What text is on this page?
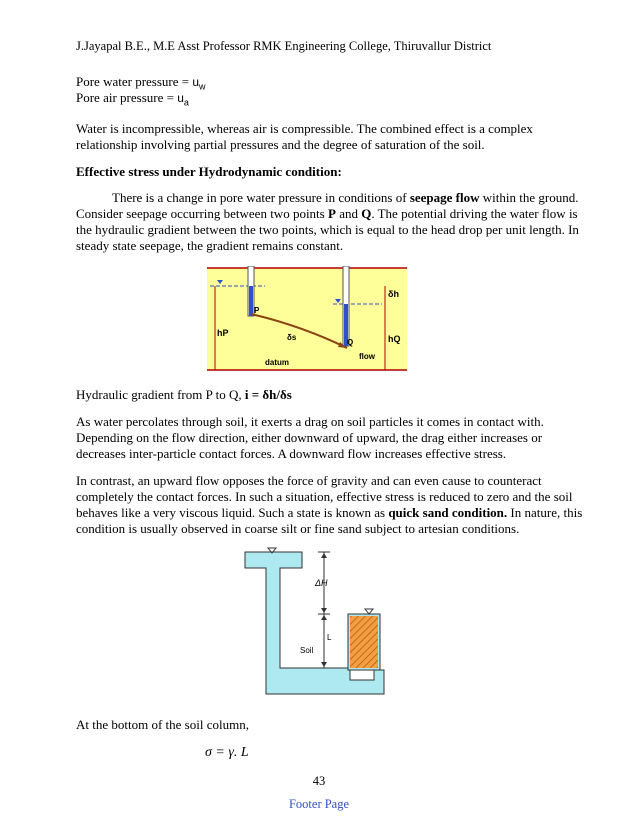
J.Jayapal B.E., M.E Asst Professor RMK Engineering College, Thiruvallur District
Pore water pressure = $u_w$
Pore air pressure = $u_a$
Water is incompressible, whereas air is compressible. The combined effect is a complex
relationship involving partial pressures and the degree of saturation of the soil.
Effective stress under Hydrodynamic condition:
There is a change in pore water pressure in conditions of seepage flow within the ground.
Consider seepage occurring between two points P and Q. The potential driving the water flow is
the hydraulic gradient between the two points, which is equal to the head drop per unit length. In
steady state seepage, the gradient remains constant.
P
Q
hP
hQ
δh
δs
datum
flow
Hydraulic gradient from P to Q, i = δh/δs
As water percolates through soil, it exerts a drag on soil particles it comes in contact with.
Depending on the flow direction, either downward of upward, the drag either increases or
decreases inter-particle contact forces. A downward flow increases effective stress.
In contrast, an upward flow opposes the force of gravity and can even cause to counteract
completely the contact forces. In such a situation, effective stress is reduced to zero and the soil
behaves like a very viscous liquid. Such a state is known as quick sand condition. In nature, this
condition is usually observed in coarse silt or fine sand subject to artesian conditions.
ΔH
L
Soil
At the bottom of the soil column,
σ = γ. L
43
Footer Page
